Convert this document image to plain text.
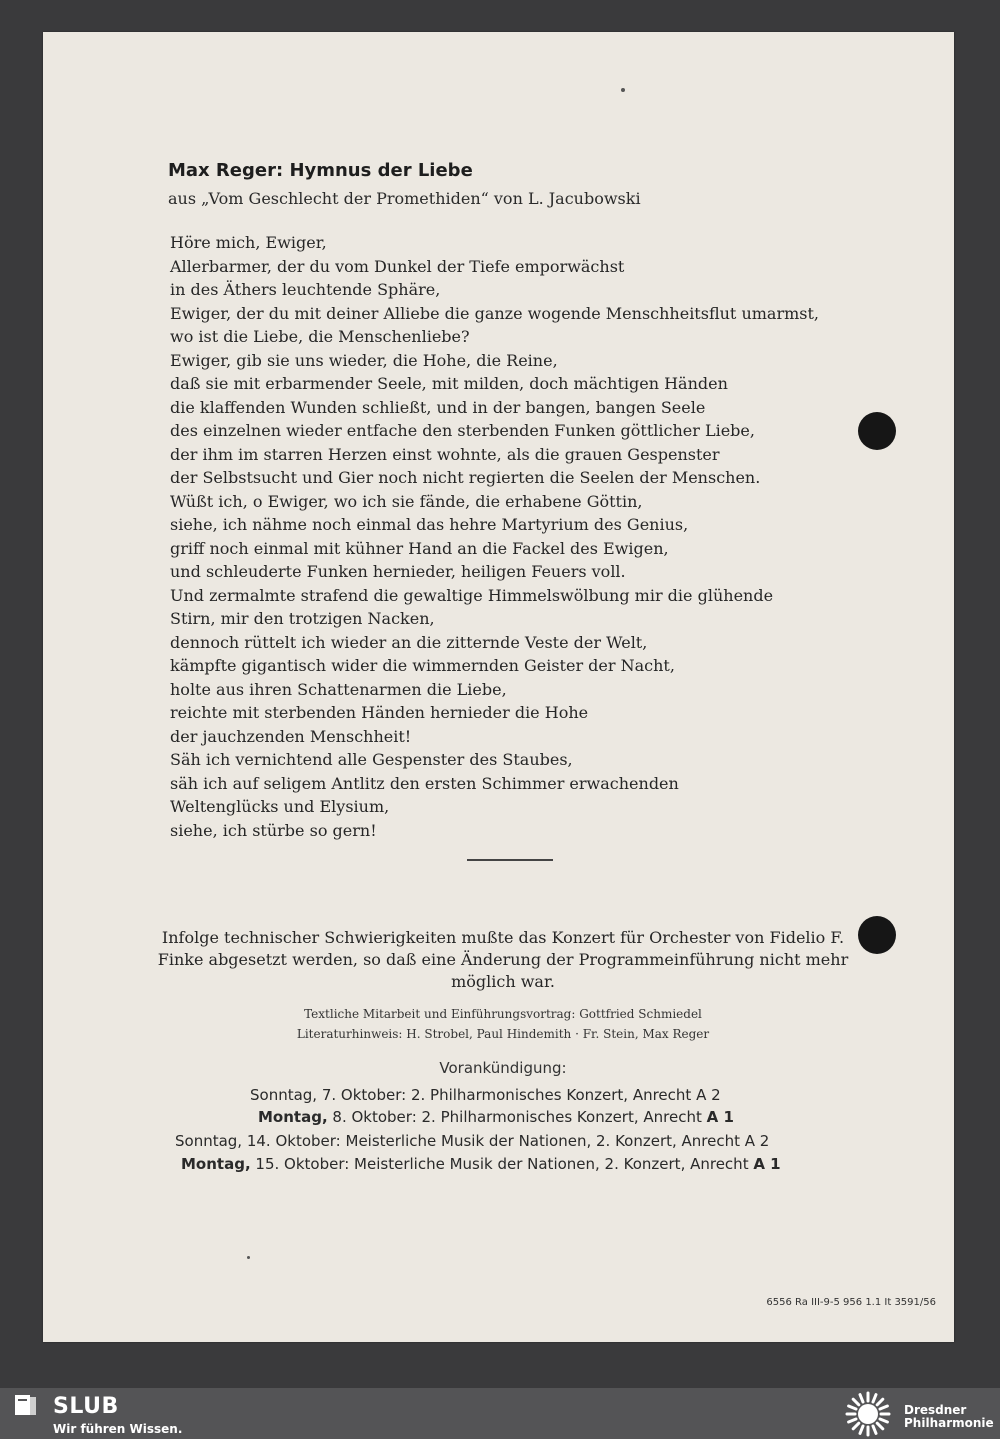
Max Reger: Hymnus der Liebe
aus „Vom Geschlecht der Promethiden“ von L. Jacubowski
Höre mich, Ewiger,
Allerbarmer, der du vom Dunkel der Tiefe emporwächst
in des Äthers leuchtende Sphäre,
Ewiger, der du mit deiner Alliebe die ganze wogende Menschheitsflut umarmst,
wo ist die Liebe, die Menschenliebe?
Ewiger, gib sie uns wieder, die Hohe, die Reine,
daß sie mit erbarmender Seele, mit milden, doch mächtigen Händen
die klaffenden Wunden schließt, und in der bangen, bangen Seele
des einzelnen wieder entfache den sterbenden Funken göttlicher Liebe,
der ihm im starren Herzen einst wohnte, als die grauen Gespenster
der Selbstsucht und Gier noch nicht regierten die Seelen der Menschen.
Wüßt ich, o Ewiger, wo ich sie fände, die erhabene Göttin,
siehe, ich nähme noch einmal das hehre Martyrium des Genius,
griff noch einmal mit kühner Hand an die Fackel des Ewigen,
und schleuderte Funken hernieder, heiligen Feuers voll.
Und zermalmte strafend die gewaltige Himmelswölbung mir die glühende
Stirn, mir den trotzigen Nacken,
dennoch rüttelt ich wieder an die zitternde Veste der Welt,
kämpfte gigantisch wider die wimmernden Geister der Nacht,
holte aus ihren Schattenarmen die Liebe,
reichte mit sterbenden Händen hernieder die Hohe
der jauchzenden Menschheit!
Säh ich vernichtend alle Gespenster des Staubes,
säh ich auf seligem Antlitz den ersten Schimmer erwachenden
Weltenglücks und Elysium,
siehe, ich stürbe so gern!
Infolge technischer Schwierigkeiten mußte das Konzert für Orchester von Fidelio F. Finke abgesetzt werden, so daß eine Änderung der Programmeinführung nicht mehr möglich war.
Textliche Mitarbeit und Einführungsvortrag: Gottfried Schmiedel
Literaturhinweis: H. Strobel, Paul Hindemith · Fr. Stein, Max Reger
Vorankündigung:
Sonntag, 7. Oktober: 2. Philharmonisches Konzert, Anrecht A 2
Montag, 8. Oktober: 2. Philharmonisches Konzert, Anrecht A 1
Sonntag, 14. Oktober: Meisterliche Musik der Nationen, 2. Konzert, Anrecht A 2
Montag, 15. Oktober: Meisterliche Musik der Nationen, 2. Konzert, Anrecht A 1
6556 Ra III-9-5 956 1.1 It 3591/56
SLUB
Wir führen Wissen.
Dresdner
Philharmonie
